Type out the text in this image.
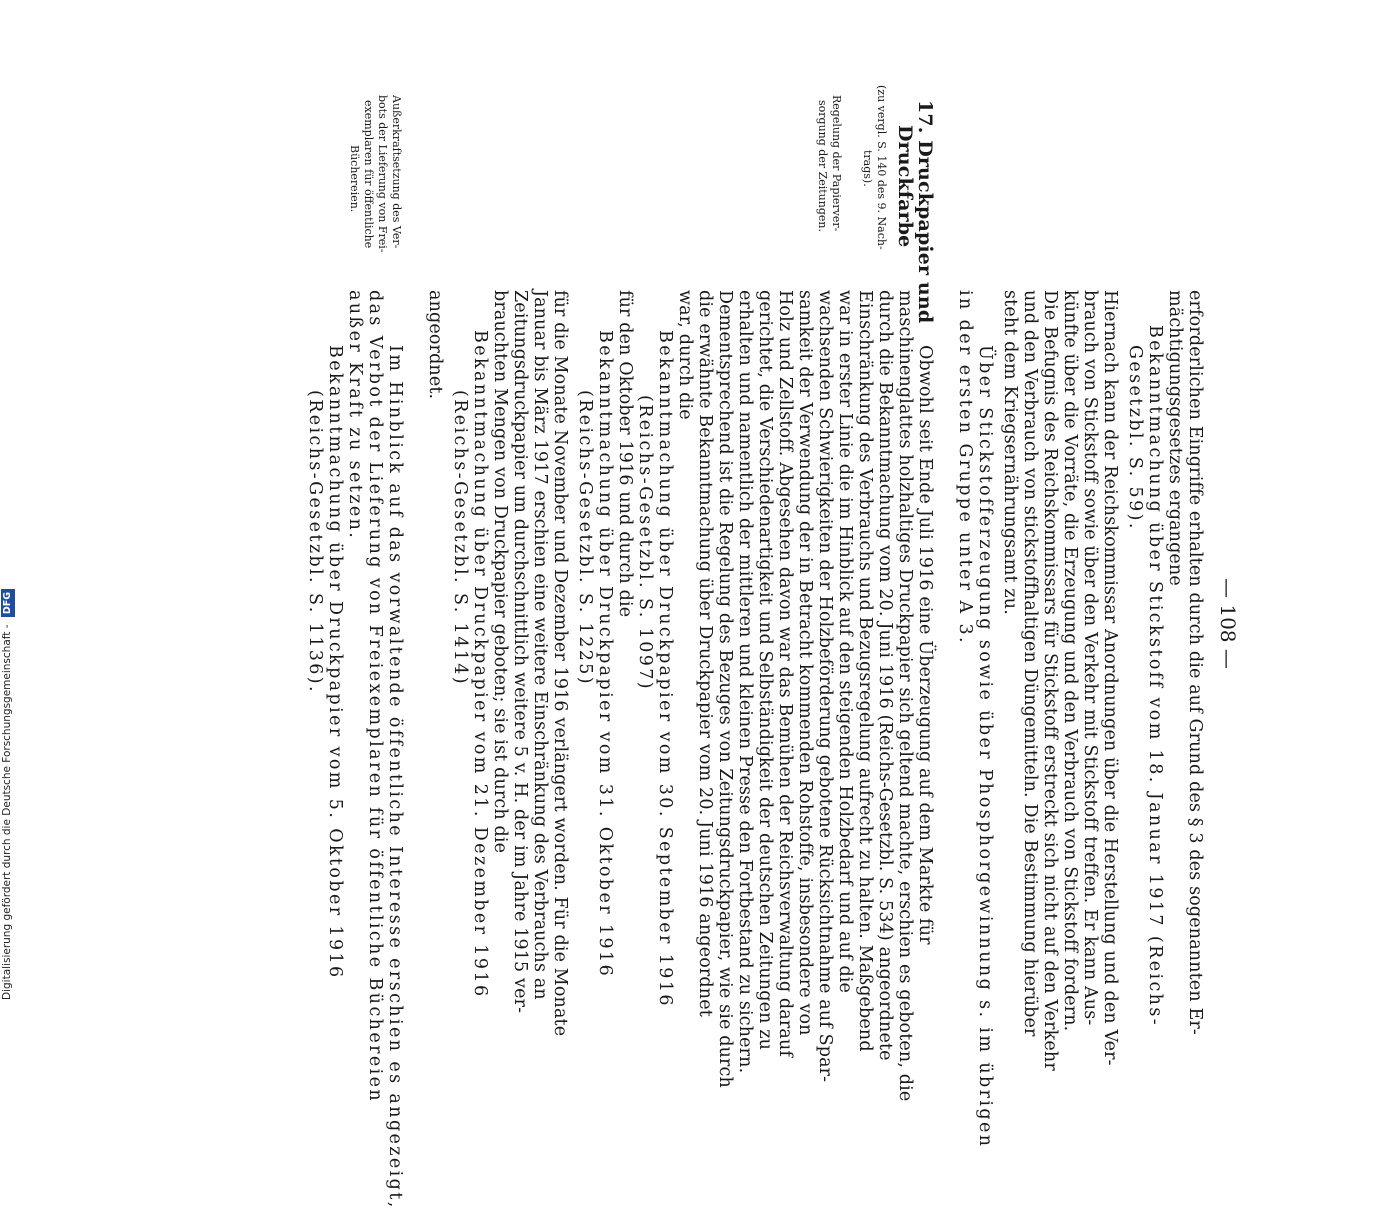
— 108 —
erforderlichen Eingriffe erhalten durch die auf Grund des § 3 des sogenannten Er-
mächtigungsgesetzes ergangene
Bekanntmachung über Stickstoff vom 18. Januar 1917 (Reichs-
Gesetzbl. S. 59).
Hiernach kann der Reichskommissar Anordnungen über die Herstellung und den Ver-
brauch von Stickstoff sowie über den Verkehr mit Stickstoff treffen. Er kann Aus-
künfte über die Vorräte, die Erzeugung und den Verbrauch von Stickstoff fordern.
Die Befugnis des Reichskommissars für Stickstoff erstreckt sich nicht auf den Verkehr
und den Verbrauch von stickstoffhaltigen Düngemitteln. Die Bestimmung hierüber
steht dem Kriegsernährungsamt zu.
Über Stickstofferzeugung sowie über Phosphorgewinnung s. im übrigen
in der ersten Gruppe unter A 3.
Obwohl seit Ende Juli 1916 eine Überzeugung auf dem Markte für
maschinenglattes holzhaltiges Druckpapier sich geltend machte, erschien es geboten, die
durch die Bekanntmachung vom 20. Juni 1916 (Reichs-Gesetzbl. S. 534) angeordnete
Einschränkung des Verbrauchs und Bezugsregelung aufrecht zu halten. Maßgebend
war in erster Linie die im Hinblick auf den steigenden Holzbedarf und auf die
wachsenden Schwierigkeiten der Holzbeförderung gebotene Rücksichtnahme auf Spar-
samkeit der Verwendung der in Betracht kommenden Rohstoffe, insbesondere von
Holz und Zellstoff. Abgesehen davon war das Bemühen der Reichsverwaltung darauf
gerichtet, die Verschiedenartigkeit und Selbständigkeit der deutschen Zeitungen zu
erhalten und namentlich der mittleren und kleinen Presse den Fortbestand zu sichern.
Dementsprechend ist die Regelung des Bezuges von Zeitungsdruckpapier, wie sie durch
die erwähnte Bekanntmachung über Druckpapier vom 20. Juni 1916 angeordnet
war, durch die
Bekanntmachung über Druckpapier vom 30. September 1916
(Reichs-Gesetzbl. S. 1097)
für den Oktober 1916 und durch die
Bekanntmachung über Druckpapier vom 31. Oktober 1916
(Reichs-Gesetzbl. S. 1225)
für die Monate November und Dezember 1916 verlängert worden. Für die Monate
Januar bis März 1917 erschien eine weitere Einschränkung des Verbrauchs an
Zeitungsdruckpapier um durchschnittlich weitere 5 v. H. der im Jahre 1915 ver-
brauchten Mengen von Druckpapier geboten; sie ist durch die
Bekanntmachung über Druckpapier vom 21. Dezember 1916
(Reichs-Gesetzbl. S. 1414)
angeordnet.
Im Hinblick auf das vorwaltende öffentliche Interesse erschien es angezeigt,
das Verbot der Lieferung von Freiexemplaren für öffentliche Büchereien
außer Kraft zu setzen.
Bekanntmachung über Druckpapier vom 5. Oktober 1916
(Reichs-Gesetzbl. S. 1136).
17. Druckpapier und
Druckfarbe
(zu vergl. S. 140 des 9. Nach-
trags).
Regelung der Papierver-
sorgung der Zeitungen.
Außerkraftsetzung des Ver-
bots der Lieferung von Frei-
exemplaren für öffentliche
Büchereien.
Digitalisierung gefördert durch die Deutsche Forschungsgemeinschaft - DFG
